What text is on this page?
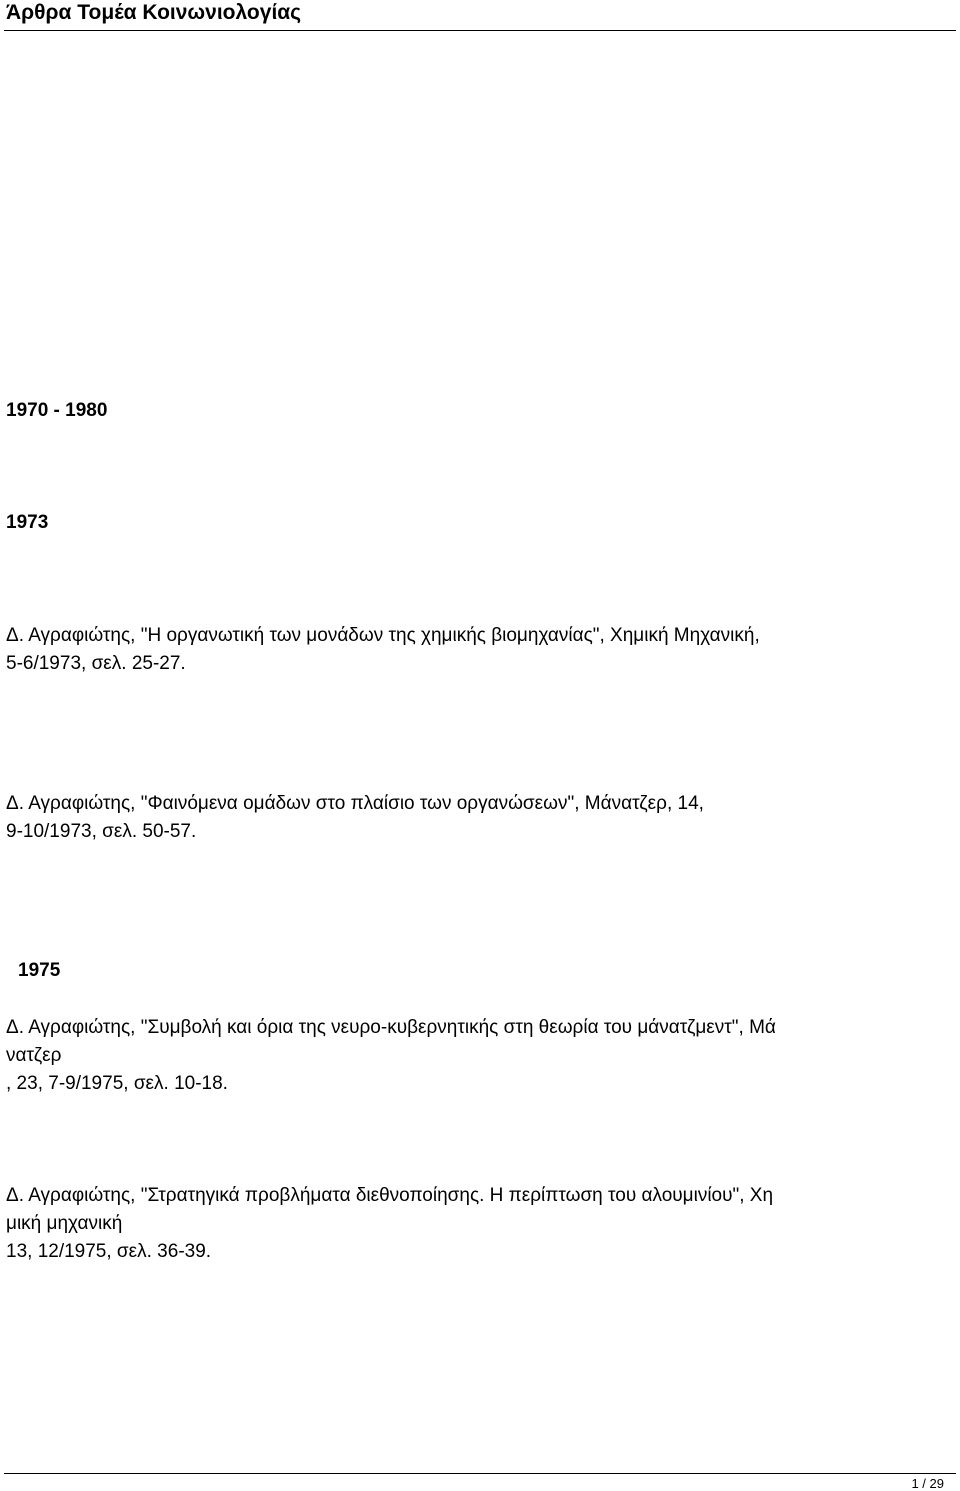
Άρθρα Τομέα Κοινωνιολογίας
1970 - 1980
1973
Δ. Αγραφιώτης, "Η οργανωτική των μονάδων της χημικής βιομηχανίας", Χημική Μηχανική,
5-6/1973, σελ. 25-27.
Δ. Αγραφιώτης, "Φαινόμενα ομάδων στο πλαίσιο των οργανώσεων", Μάνατζερ, 14,
9-10/1973, σελ. 50-57.
1975
Δ. Αγραφιώτης, "Συμβολή και όρια της νευρο-κυβερνητικής στη θεωρία του μάνατζμεντ", Μά
νατζερ
, 23, 7-9/1975, σελ. 10-18.
Δ. Αγραφιώτης, "Στρατηγικά προβλήματα διεθνοποίησης. Η περίπτωση του αλουμινίου", Χη
μική μηχανική
13, 12/1975, σελ. 36-39.
1 / 29
